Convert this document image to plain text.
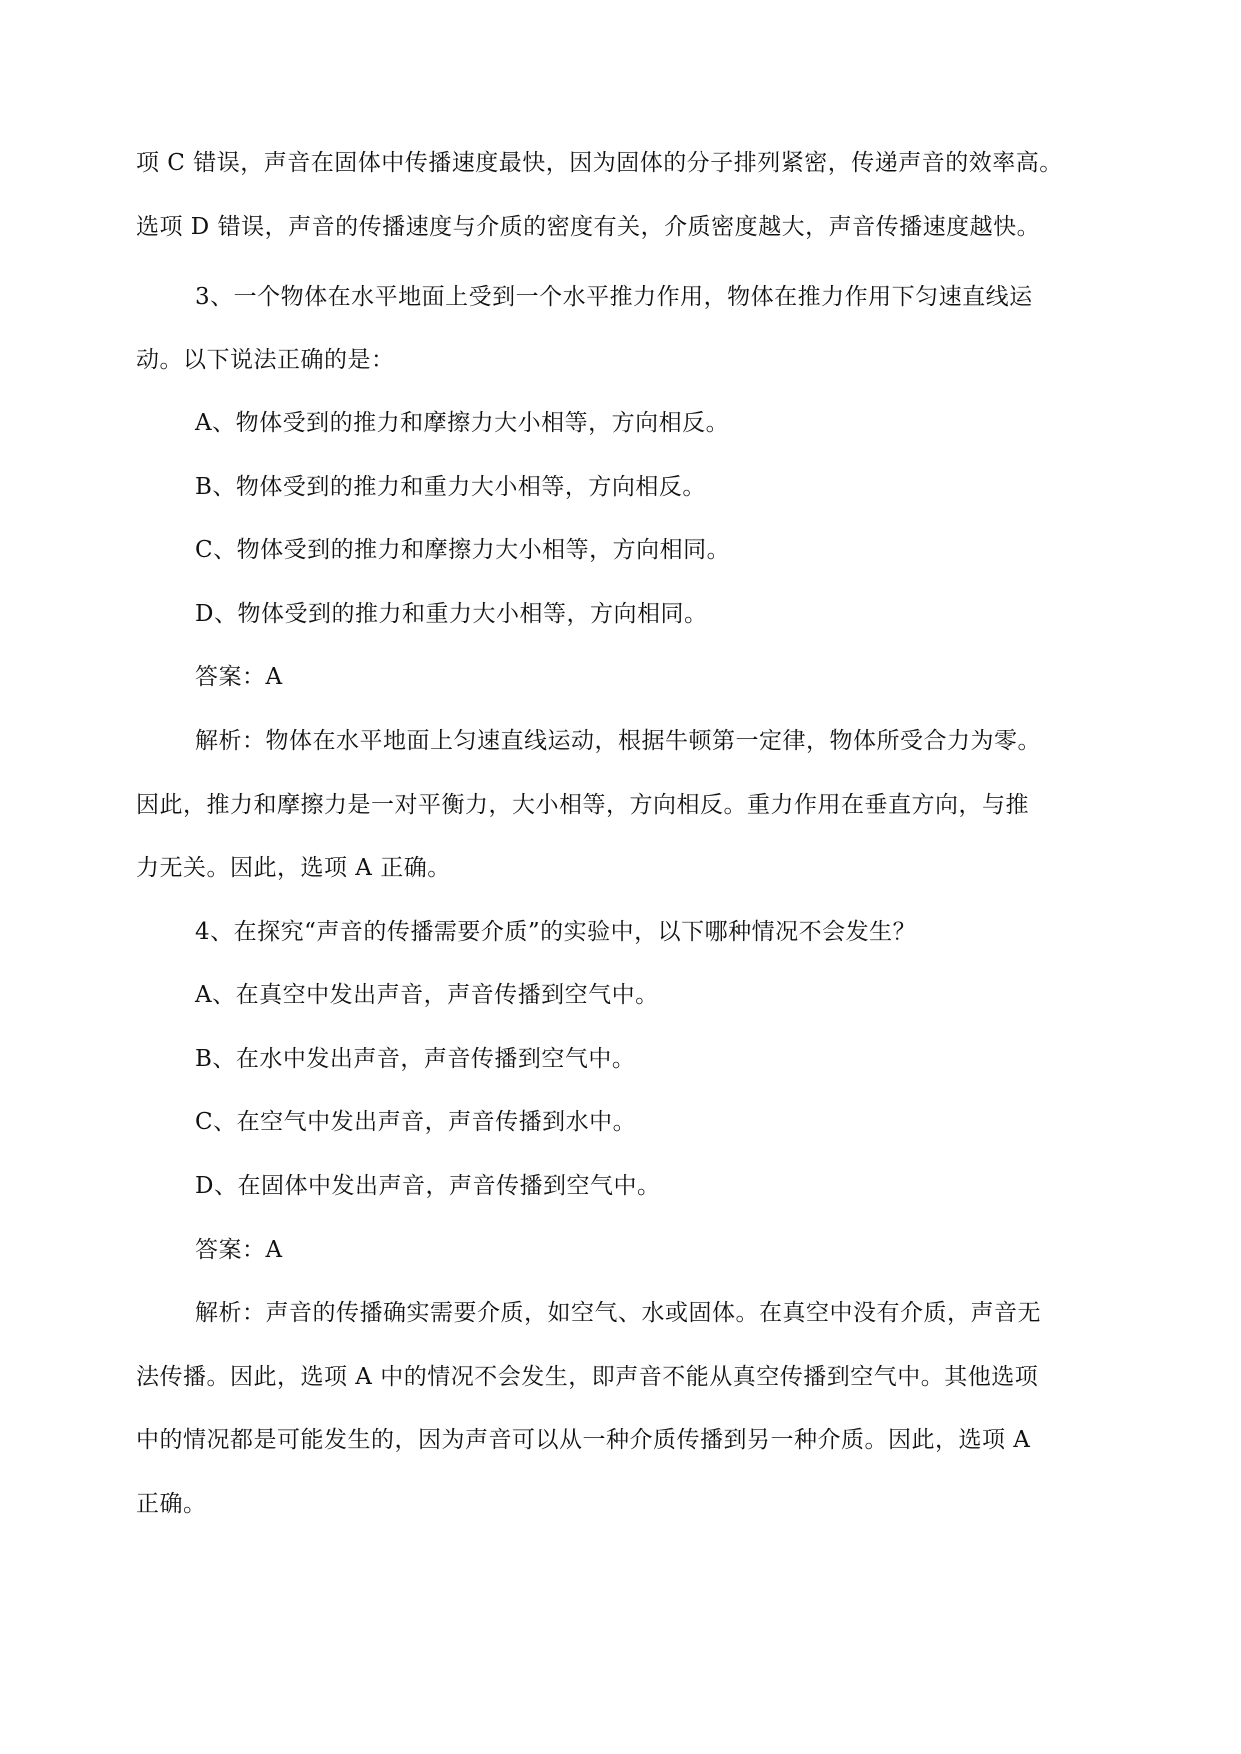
项 C 错误，声音在固体中传播速度最快，因为固体的分子排列紧密，传递声音的效率高。
选项 D 错误，声音的传播速度与介质的密度有关，介质密度越大，声音传播速度越快。
3、一个物体在水平地面上受到一个水平推力作用，物体在推力作用下匀速直线运
动。以下说法正确的是：
A、物体受到的推力和摩擦力大小相等，方向相反。
B、物体受到的推力和重力大小相等，方向相反。
C、物体受到的推力和摩擦力大小相等，方向相同。
D、物体受到的推力和重力大小相等，方向相同。
答案：A
解析：物体在水平地面上匀速直线运动，根据牛顿第一定律，物体所受合力为零。
因此，推力和摩擦力是一对平衡力，大小相等，方向相反。重力作用在垂直方向，与推
力无关。因此，选项 A 正确。
4、在探究“声音的传播需要介质”的实验中，以下哪种情况不会发生？
A、在真空中发出声音，声音传播到空气中。
B、在水中发出声音，声音传播到空气中。
C、在空气中发出声音，声音传播到水中。
D、在固体中发出声音，声音传播到空气中。
答案：A
解析：声音的传播确实需要介质，如空气、水或固体。在真空中没有介质，声音无
法传播。因此，选项 A 中的情况不会发生，即声音不能从真空传播到空气中。其他选项
中的情况都是可能发生的，因为声音可以从一种介质传播到另一种介质。因此，选项 A
正确。
